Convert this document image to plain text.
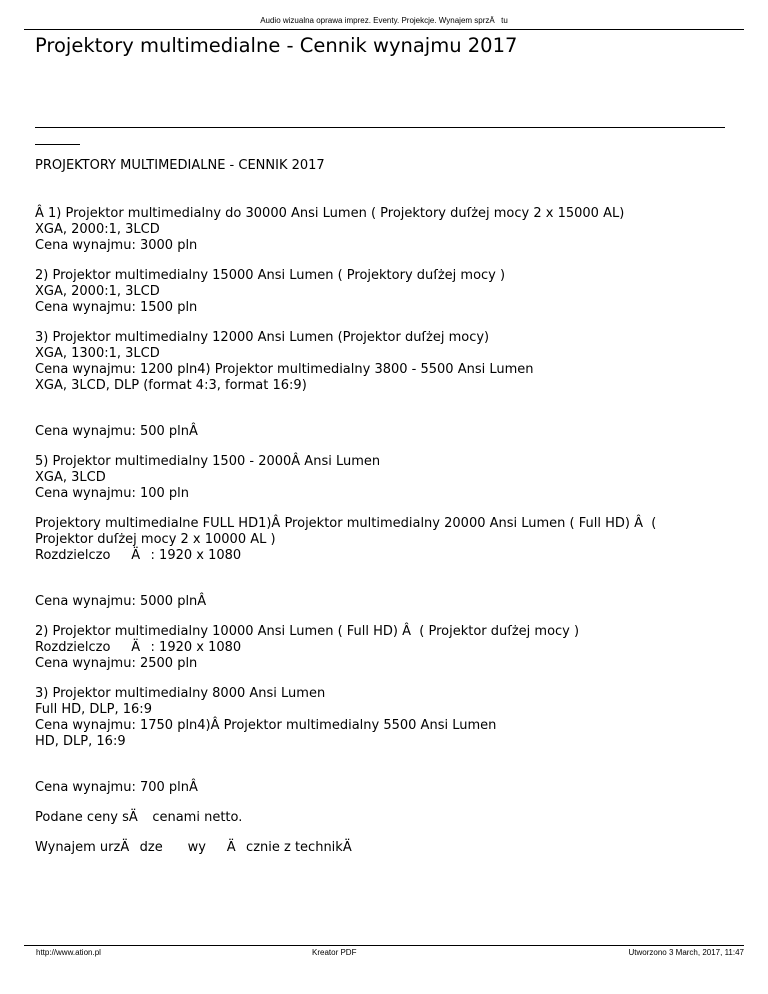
Audio wizualna oprawa imprez. Eventy. Projekcje. Wynajem sprzÄtu
Projektory multimedialne - Cennik wynajmu 2017

PROJEKTORY MULTIMEDIALNE - CENNIK 2017

Â 1) Projektor multimedialny do 30000 Ansi Lumen ( Projektory duſżej mocy 2 x 15000 AL)

XGA, 2000:1, 3LCD

Cena wynajmu: 3000 pln

2) Projektor multimedialny 15000 Ansi Lumen ( Projektory duſżej mocy )

XGA, 2000:1, 3LCD

Cena wynajmu: 1500 pln

3) Projektor multimedialny 12000 Ansi Lumen (Projektor duſżej mocy)

XGA, 1300:1, 3LCD

Cena wynajmu: 1200 pln4) Projektor multimedialny 3800 - 5500 Ansi Lumen

XGA, 3LCD, DLP (format 4:3, format 16:9)

Cena wynajmu: 500 plnÂ

5) Projektor multimedialny 1500 - 2000Â Ansi Lumen

XGA, 3LCD

Cena wynajmu: 100 pln

Projektory multimedialne FULL HD1)Â Projektor multimedialny 20000 Ansi Lumen ( Full HD) Â  (

Projektor duſżej mocy 2 x 10000 AL )

RozdzielczoÄ: 1920 x 1080

Cena wynajmu: 5000 plnÂ

2) Projektor multimedialny 10000 Ansi Lumen ( Full HD) Â  ( Projektor duſżej mocy )

RozdzielczoÄ: 1920 x 1080

Cena wynajmu: 2500 pln

3) Projektor multimedialny 8000 Ansi Lumen

Full HD, DLP, 16:9

Cena wynajmu: 1750 pln4)Â Projektor multimedialny 5500 Ansi Lumen

HD, DLP, 16:9

Cena wynajmu: 700 plnÂ

Podane ceny sÄ cenami netto.

Wynajem urzÄdze wyÄcznie z technikÄ

http://www.ation.pl	Kreator PDF	Utworzono 3 March, 2017, 11:47
